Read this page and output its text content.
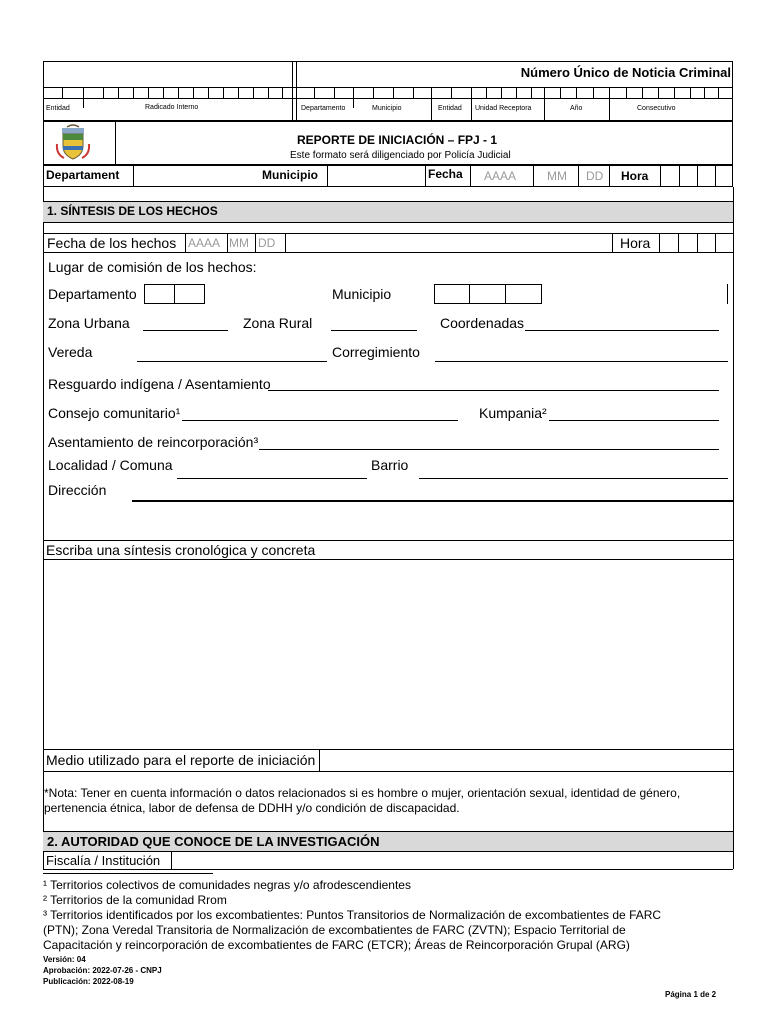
Número Único de Noticia Criminal
Entidad	Radicado Interno	Departamento	Municipio	Entidad Unidad Receptora	Año	Consecutivo
REPORTE DE INICIACIÓN – FPJ - 1
Este formato será diligenciado por Policía Judicial
Departament	Municipio	Fecha AAAA	MM DD Hora
1. SÍNTESIS DE LOS HECHOS
Fecha de los hechos AAAA MM DD	Hora
Lugar de comisión de los hechos:
Departamento	Municipio
Zona Urbana	Zona Rural	Coordenadas
Vereda	Corregimiento
Resguardo indígena / Asentamiento
Consejo comunitario¹	Kumpania²
Asentamiento de reincorporación³
Localidad / Comuna	Barrio
Dirección
Escriba una síntesis cronológica y concreta
Medio utilizado para el reporte de iniciación
*Nota: Tener en cuenta información o datos relacionados si es hombre o mujer, orientación sexual, identidad de género,
pertenencia étnica, labor de defensa de DDHH y/o condición de discapacidad.
2. AUTORIDAD QUE CONOCE DE LA INVESTIGACIÓN
Fiscalía / Institución
¹ Territorios colectivos de comunidades negras y/o afrodescendientes
² Territorios de la comunidad Rrom
³ Territorios identificados por los excombatientes: Puntos Transitorios de Normalización de excombatientes de FARC
(PTN); Zona Veredal Transitoria de Normalización de excombatientes de FARC (ZVTN); Espacio Territorial de
Capacitación y reincorporación de excombatientes de FARC (ETCR); Áreas de Reincorporación Grupal (ARG)
Versión: 04
Aprobación: 2022-07-26 - CNPJ
Publicación: 2022-08-19
Página 1 de 2
